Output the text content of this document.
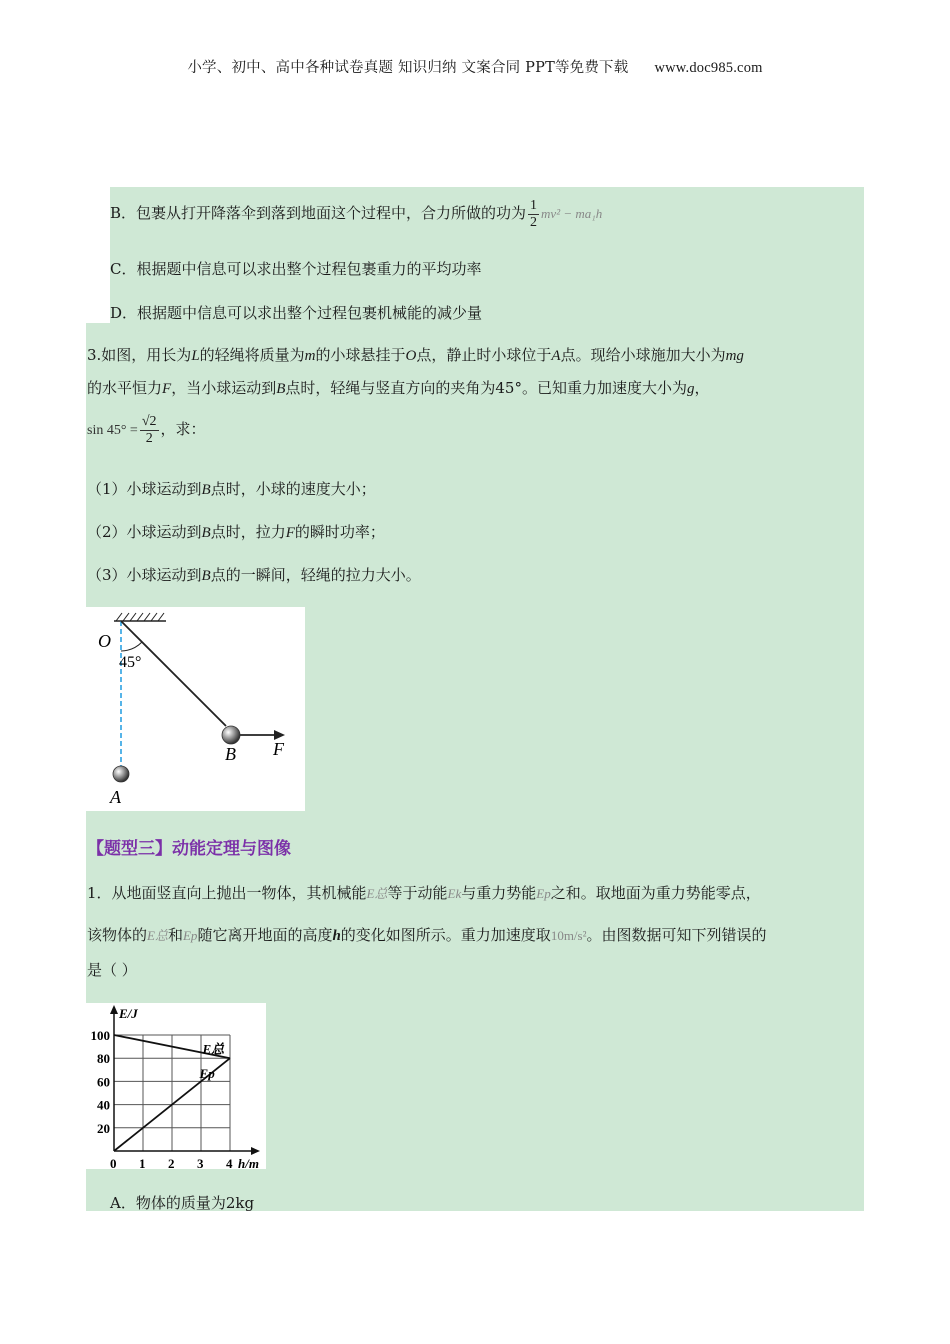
小学、初中、高中各种试卷真题 知识归纳 文案合同 PPT等免费下载 www.doc985.com
B．包裹从打开降落伞到落到地面这个过程中，合力所做的功为 $\frac{1}{2} mv^2 - ma_1h$
C．根据题中信息可以求出整个过程包裹重力的平均功率
D．根据题中信息可以求出整个过程包裹机械能的减少量
3.如图，用长为L的轻绳将质量为m的小球悬挂于O点，静止时小球位于A点。现给小球施加大小为mg
的水平恒力F，当小球运动到B点时，轻绳与竖直方向的夹角为45°。已知重力加速度大小为g，
$\sin 45^\circ = \frac{√2}{2}$ ，求：
（1）小球运动到B点时，小球的速度大小；
（2）小球运动到B点时，拉力F的瞬时功率；
（3）小球运动到B点的一瞬间，轻绳的拉力大小。
O
45°
A
B F
【题型三】动能定理与图像
1．从地面竖直向上抛出一物体，其机械能E总等于动能Ek与重力势能Ep之和。取地面为重力势能零点，
该物体的E总和Ep随它离开地面的高度h的变化如图所示。重力加速度取10m/s²。由图数据可知下列错误的
是（ ）
E/J
h/m
E总
Ep
0 1 2 3 4
20
40
60
80
100
A．物体的质量为2kg
